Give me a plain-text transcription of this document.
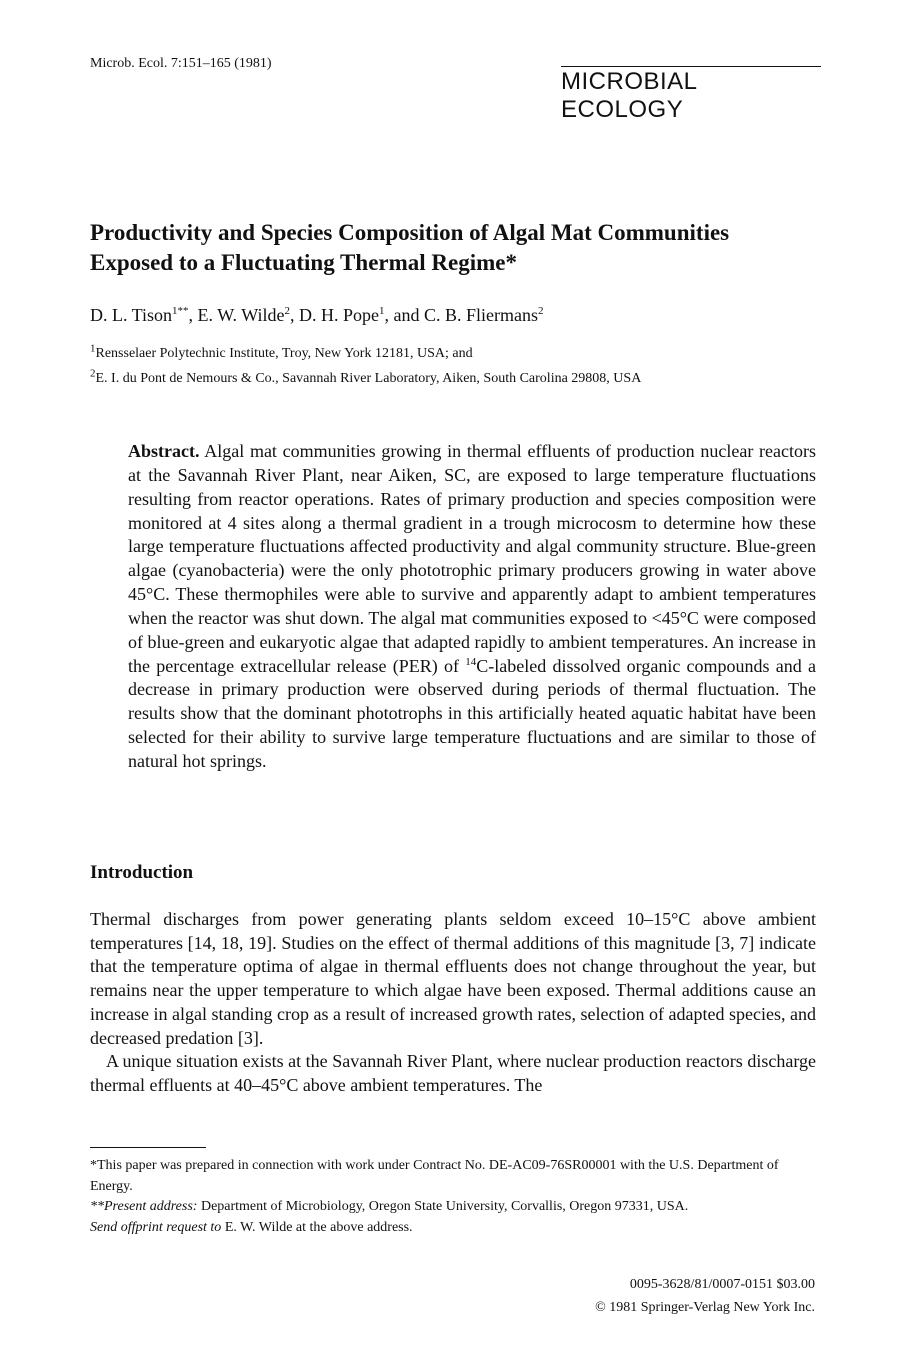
Microb. Ecol. 7:151–165 (1981)
MICROBIAL ECOLOGY
Productivity and Species Composition of Algal Mat Communities
Exposed to a Fluctuating Thermal Regime*
D. L. Tison$^{1**}$, E. W. Wilde$^2$, D. H. Pope$^1$, and C. B. Fliermans$^2$
$^1$Rensselaer Polytechnic Institute, Troy, New York 12181, USA; and
$^2$E. I. du Pont de Nemours & Co., Savannah River Laboratory, Aiken, South Carolina 29808, USA
Abstract. Algal mat communities growing in thermal effluents of production nuclear reactors at the Savannah River Plant, near Aiken, SC, are exposed to large temperature fluctuations resulting from reactor operations. Rates of primary production and species composition were monitored at 4 sites along a thermal gradient in a trough microcosm to determine how these large temperature fluctuations affected productivity and algal community structure. Blue-green algae (cyanobacteria) were the only phototrophic primary producers growing in water above 45°C. These thermophiles were able to survive and apparently adapt to ambient temperatures when the reactor was shut down. The algal mat communities exposed to <45°C were composed of blue-green and eukaryotic algae that adapted rapidly to ambient temperatures. An increase in the percentage extracellular release (PER) of $^{14}$C-labeled dissolved organic compounds and a decrease in primary production were observed during periods of thermal fluctuation. The results show that the dominant phototrophs in this artificially heated aquatic habitat have been selected for their ability to survive large temperature fluctuations and are similar to those of natural hot springs.
Introduction

Thermal discharges from power generating plants seldom exceed 10–15°C above ambient temperatures [14, 18, 19]. Studies on the effect of thermal additions of this magnitude [3, 7] indicate that the temperature optima of algae in thermal effluents does not change throughout the year, but remains near the upper temperature to which algae have been exposed. Thermal additions cause an increase in algal standing crop as a result of increased growth rates, selection of adapted species, and decreased predation [3].

A unique situation exists at the Savannah River Plant, where nuclear production reactors discharge thermal effluents at 40–45°C above ambient temperatures. The

*This paper was prepared in connection with work under Contract No. DE-AC09-76SR00001 with the U.S. Department of Energy.

**Present address: Department of Microbiology, Oregon State University, Corvallis, Oregon 97331, USA.

Send offprint request to E. W. Wilde at the above address.

0095-3628/81/0007-0151 $03.00
© 1981 Springer-Verlag New York Inc.
